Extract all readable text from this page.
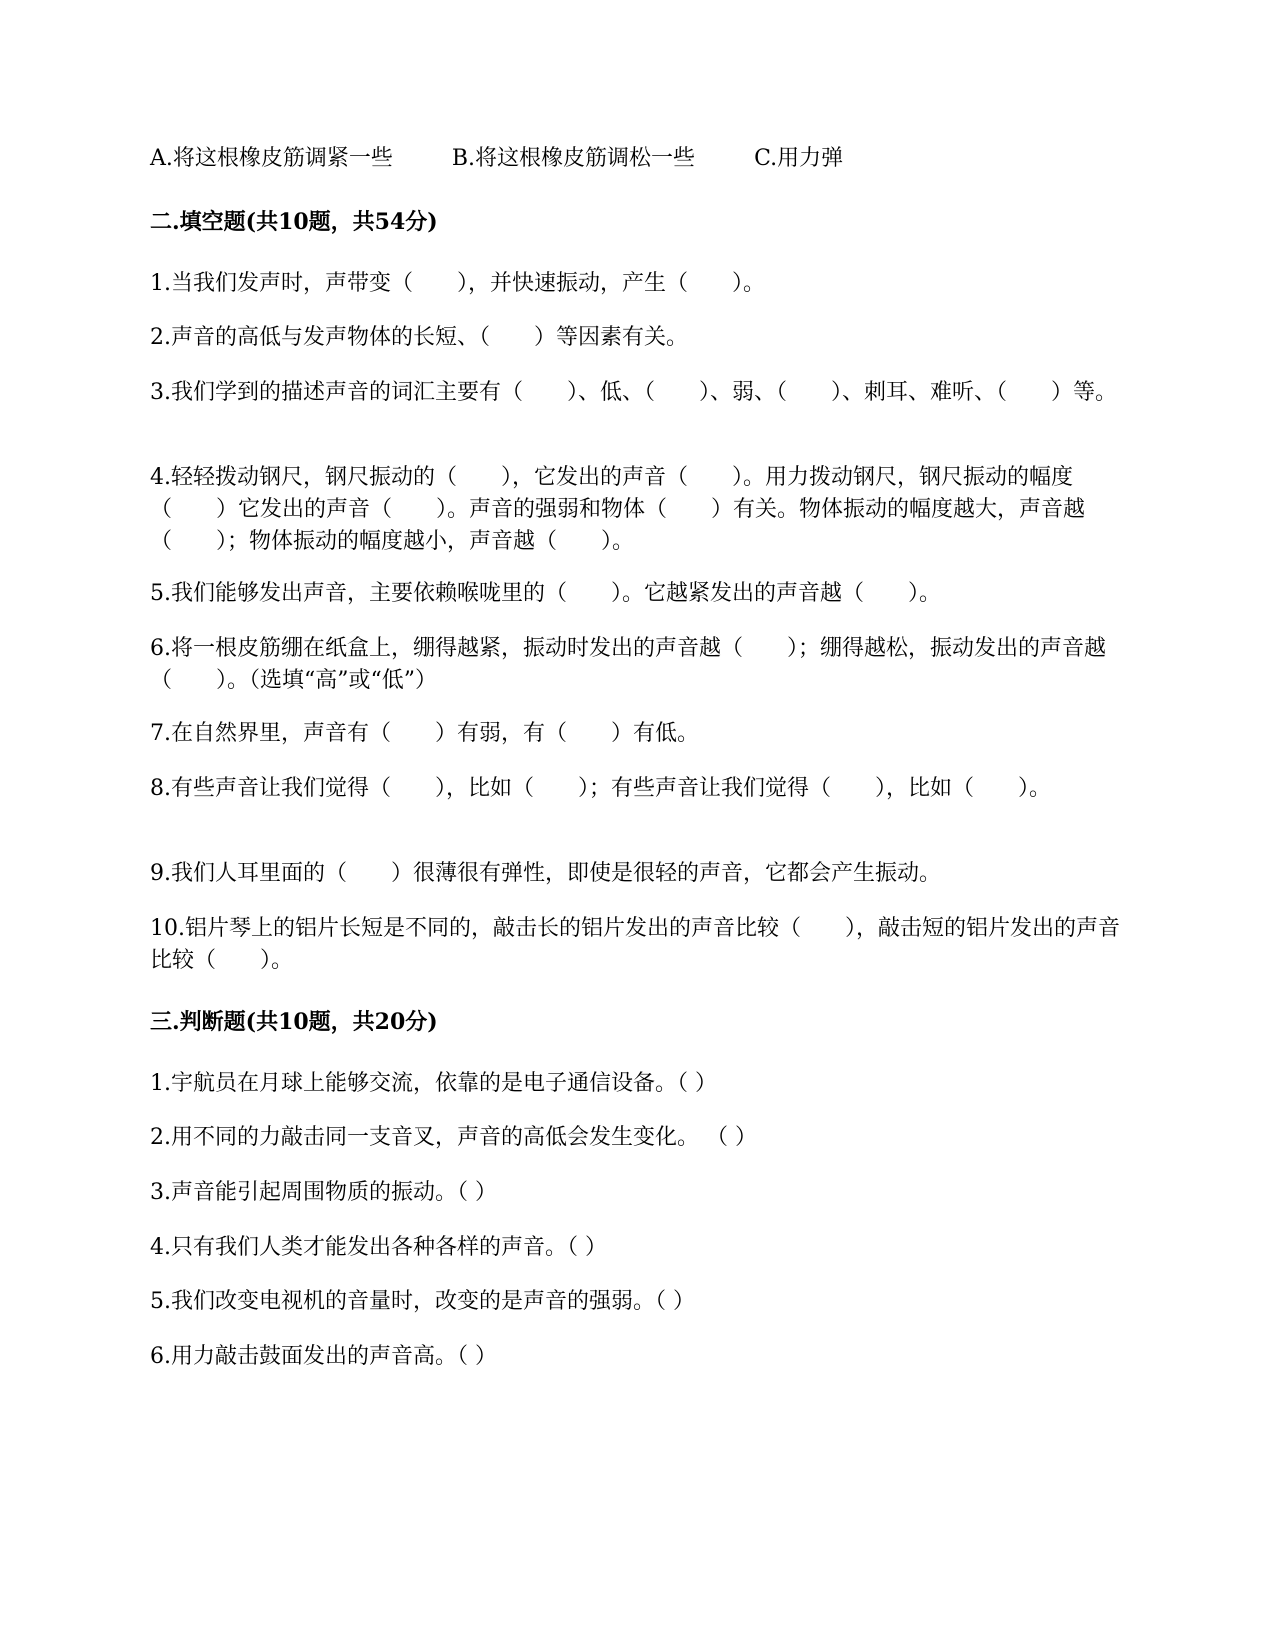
A.将这根橡皮筋调紧一些	B.将这根橡皮筋调松一些	C.用力弹
二.填空题(共10题，共54分)
1.当我们发声时，声带变（　　），并快速振动，产生（　　）。
2.声音的高低与发声物体的长短、（　　）等因素有关。
3.我们学到的描述声音的词汇主要有（　　）、低、（　　）、弱、（　　）、刺耳、难听、（　　）等。
4.轻轻拨动钢尺，钢尺振动的（　　），它发出的声音（　　）。用力拨动钢尺，钢尺振动的幅度（　　）它发出的声音（　　）。声音的强弱和物体（　　）有关。物体振动的幅度越大，声音越（　　）；物体振动的幅度越小，声音越（　　）。
5.我们能够发出声音，主要依赖喉咙里的（　　）。它越紧发出的声音越（　　）。
6.将一根皮筋绷在纸盒上，绷得越紧，振动时发出的声音越（　　）；绷得越松，振动发出的声音越（　　）。（选填“高”或“低”）
7.在自然界里，声音有（　　）有弱，有（　　）有低。
8.有些声音让我们觉得（　　），比如（　　）；有些声音让我们觉得（　　），比如（　　）。
9.我们人耳里面的（　　）很薄很有弹性，即使是很轻的声音，它都会产生振动。
10.铝片琴上的铝片长短是不同的，敲击长的铝片发出的声音比较（　　），敲击短的铝片发出的声音比较（　　）。
三.判断题(共10题，共20分)
1.宇航员在月球上能够交流，依靠的是电子通信设备。（ ）
2.用不同的力敲击同一支音叉，声音的高低会发生变化。 （ ）
3.声音能引起周围物质的振动。（ ）
4.只有我们人类才能发出各种各样的声音。（ ）
5.我们改变电视机的音量时，改变的是声音的强弱。（ ）
6.用力敲击鼓面发出的声音高。（ ）
